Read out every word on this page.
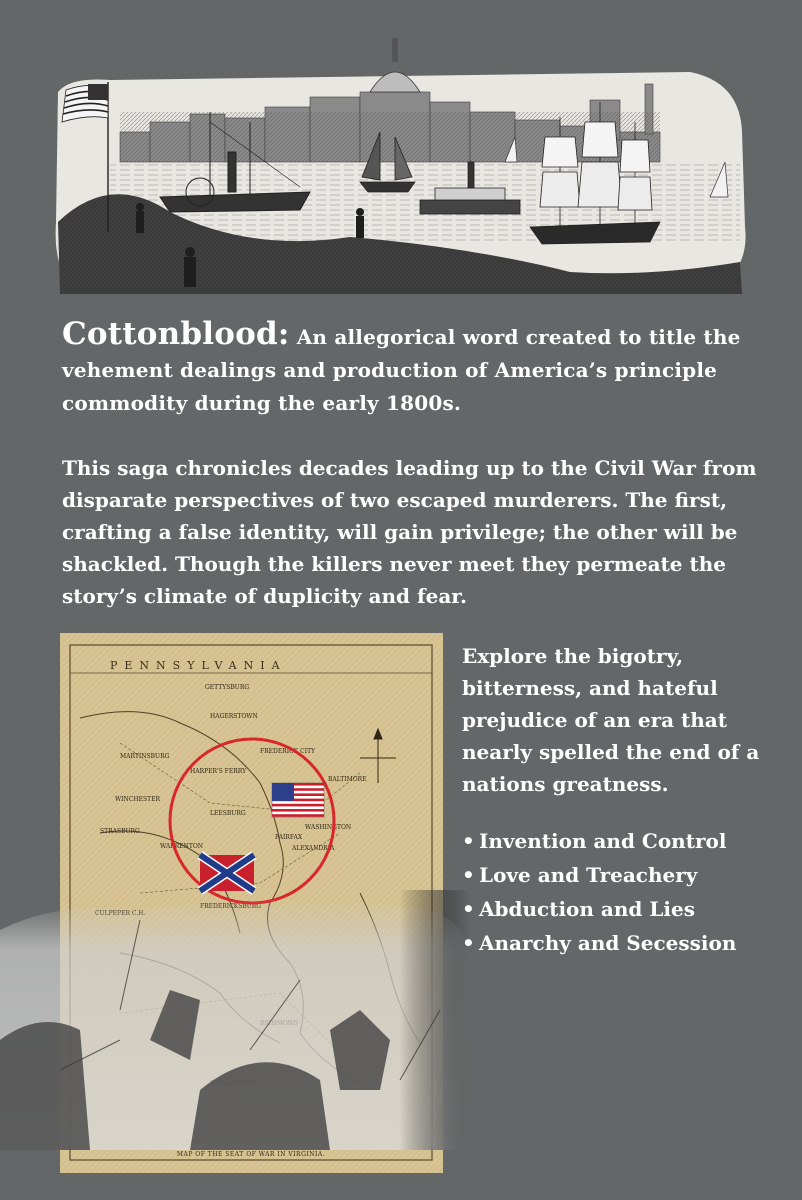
Cottonblood: An allegorical word created to title the vehement dealings and production of America’s principle commodity during the early 1800s.
This saga chronicles decades leading up to the Civil War from disparate perspectives of two escaped murderers. The first, crafting a false identity, will gain privilege; the other will be shackled. Though the killers never meet they permeate the story’s climate of duplicity and fear.
PENNSYLVANIA
GETTYSBURG
HAGERSTOWN
MARTINSBURG
FREDERICK CITY
HARPER'S FERRY
WINCHESTER
BALTIMORE
STRASBURG
LEESBURG
WASHINGTON
FAIRFAX
ALEXANDRIA
WARRENTON
MAP OF THE SEAT OF WAR IN VIRGINIA.
Explore the bigotry, bitterness, and hateful prejudice of an era that nearly spelled the end of a nations greatness.
• Invention and Control
• Love and Treachery
• Abduction and Lies
• Anarchy and Secession
